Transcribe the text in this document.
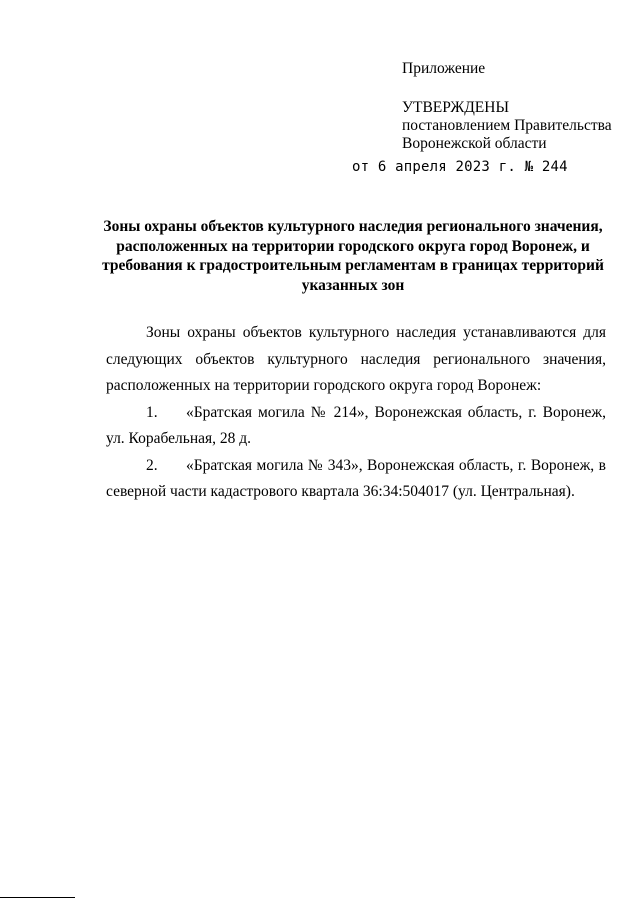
Приложение
УТВЕРЖДЕНЫ
постановлением Правительства
Воронежской области
от 6 апреля 2023 г. № 244
Зоны охраны объектов культурного наследия регионального значения, расположенных на территории городского округа город Воронеж, и требования к градостроительным регламентам в границах территорий указанных зон

Зоны охраны объектов культурного наследия устанавливаются для следующих объектов культурного наследия регионального значения, расположенных на территории городского округа город Воронеж:

1. «Братская могила № 214», Воронежская область, г. Воронеж, ул. Корабельная, 28 д.

2. «Братская могила № 343», Воронежская область, г. Воронеж, в северной части кадастрового квартала 36:34:504017 (ул. Центральная).
